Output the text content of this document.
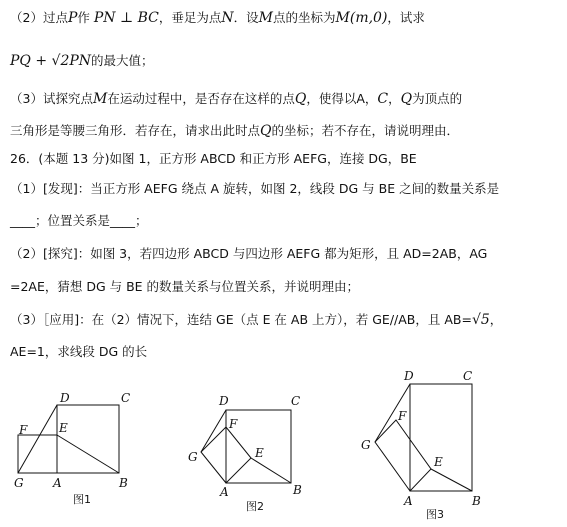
（2）过点P作 PN ⊥ BC，垂足为点N．设M点的坐标为M(m,0)，试求
PQ + √2PN的最大值；
（3）试探究点M在运动过程中，是否存在这样的点Q，使得以A，C，Q为顶点的
三角形是等腰三角形．若存在，请求出此时点Q的坐标；若不存在，请说明理由．
26．(本题 13 分)如图 1，正方形 ABCD 和正方形 AEFG，连接 DG，BE
（1）[发现]：当正方形 AEFG 绕点 A 旋转，如图 2，线段 DG 与 BE 之间的数量关系是
____；位置关系是____；
（2）[探究]：如图 3，若四边形 ABCD 与四边形 AEFG 都为矩形，且 AD=2AB，AG
=2AE，猜想 DG 与 BE 的数量关系与位置关系，并说明理由；
（3）［应用]：在（2）情况下，连结 GE（点 E 在 AB 上方），若 GE//AB，且 AB=√5，
AE=1，求线段 DG 的长
D	C
F	E
G A	B
图1
D	C
F
G	E
A	B
图2
D	C
F
G
E
A	B
图3
